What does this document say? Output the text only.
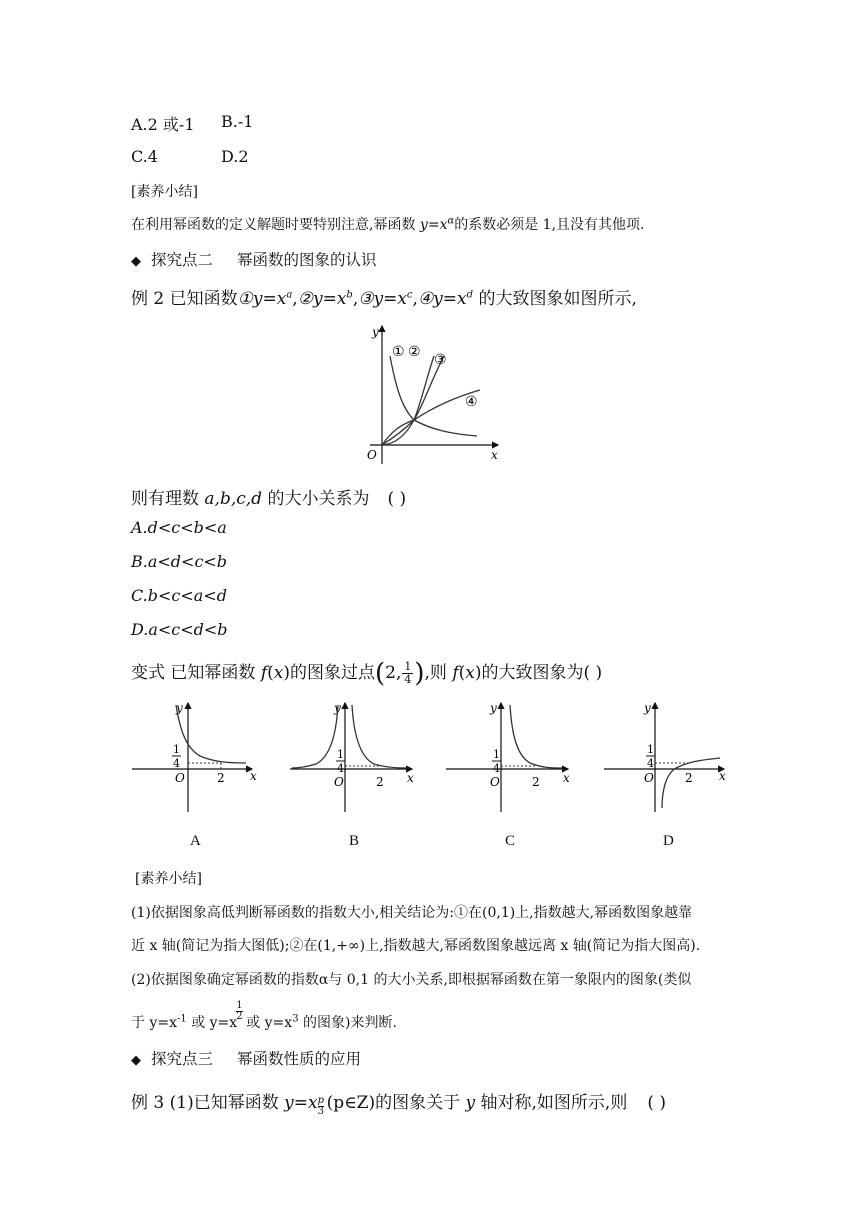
A.2 或-1 B.-1
C.4	D.2
[素养小结]
在利用幂函数的定义解题时要特别注意,幂函数 $y=x^\alpha$的系数必须是 1,且没有其他项.
◆ 探究点二 幂函数的图象的认识
例 2 已知函数$①y=x^a,②y=x^b,③y=x^c,④y=x^d$ 的大致图象如图所示,
y
x
O
① ② ③
④
则有理数 a,b,c,d 的大小关系为 ( )
A.d<c<b<a
B.a<d<c<b
C.b<c<a<d
D.a<c<d<b
变式 已知幂函数 f(x)的图象过点(2, $\frac{1}{4}$ ),则 f(x)的大致图象为( )
y
x
O	2
1
4
y
x
O	2
1
4
y
x
O	2
1
4
y
x
O	2
1
4
A	B	C	D
[素养小结]
(1)依据图象高低判断幂函数的指数大小,相关结论为:①在(0,1)上,指数越大,幂函数图象越靠
近 x 轴(简记为指大图低);②在(1,+∞)上,指数越大,幂函数图象越远离 x 轴(简记为指大图高).
(2)依据图象确定幂函数的指数α与 0,1 的大小关系,即根据幂函数在第一象限内的图象(类似
于 $y=x^{-1}$ 或 y=x
1
2 或 $y=x^3$ 的图象)来判断.
◆ 探究点三 幂函数性质的应用
例 3 (1)已知幂函数 y=x p
3 (p∈Z)的图象关于 y 轴对称,如图所示,则 ( )
